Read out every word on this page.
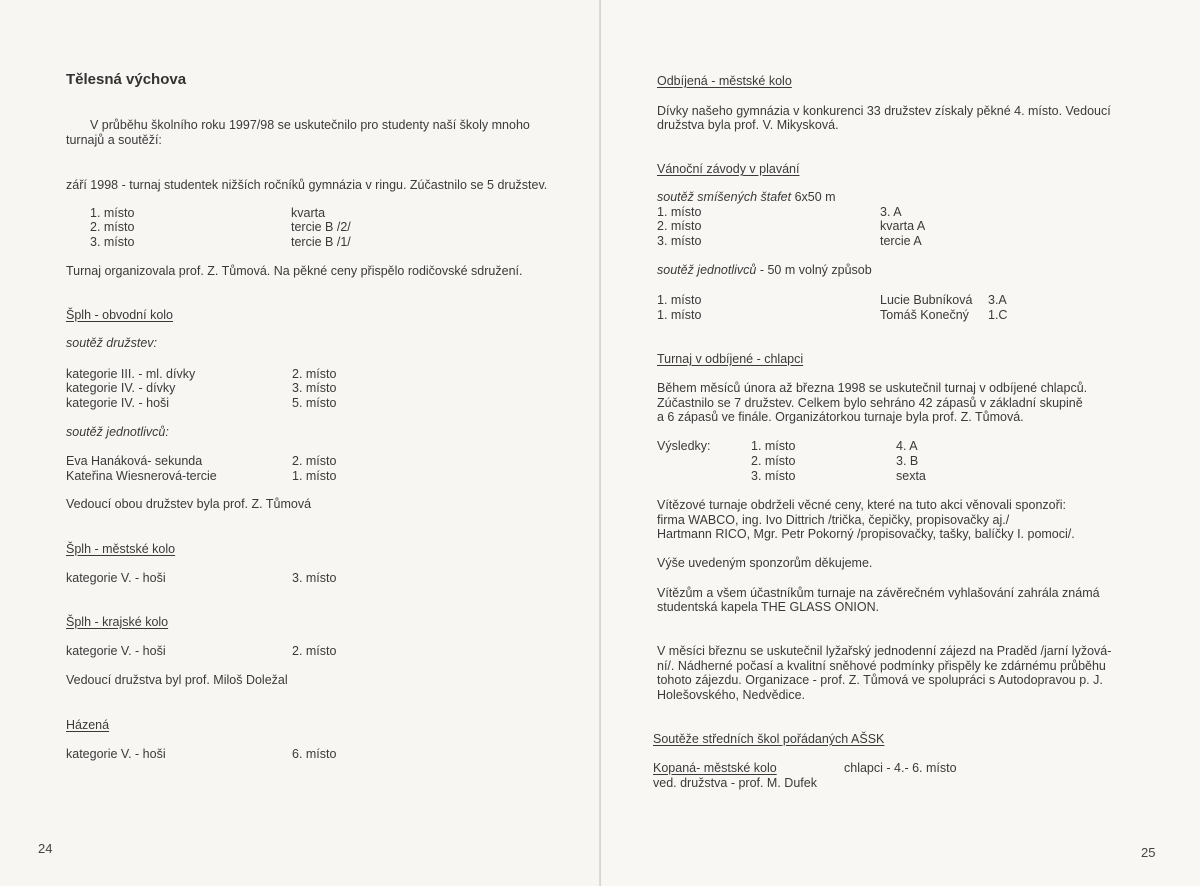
Tělesná výchova
V průběhu školního roku 1997/98 se uskutečnilo pro studenty naší školy mnoho
turnajů a soutěží:
září 1998 - turnaj studentek nižších ročníků gymnázia v ringu. Zúčastnilo se 5 družstev.
1. místo	kvarta
2. místo	tercie B /2/
3. místo	tercie B /1/
Turnaj organizovala prof. Z. Tůmová. Na pěkné ceny přispělo rodičovské sdružení.
Šplh - obvodní kolo
soutěž družstev:
kategorie III. - ml. dívky	2. místo
kategorie IV. - dívky	3. místo
kategorie IV. - hoši	5. místo
soutěž jednotlivců:
Eva Hanáková- sekunda	2. místo
Kateřina Wiesnerová-tercie	1. místo
Vedoucí obou družstev byla prof. Z. Tůmová
Šplh - městské kolo
kategorie V. - hoši	3. místo
Šplh - krajské kolo
kategorie V. - hoši	2. místo
Vedoucí družstva byl prof. Miloš Doležal
Házená
kategorie V. - hoši	6. místo
24
Odbíjená - městské kolo
Dívky našeho gymnázia v konkurenci 33 družstev získaly pěkné 4. místo. Vedoucí
družstva byla prof. V. Mikysková.
Vánoční závody v plavání
soutěž smíšených štafet 6x50 m
1. místo	3. A
2. místo	kvarta A
3. místo	tercie A
soutěž jednotlivců - 50 m volný způsob
1. místo	Lucie Bubníková 3.A
1. místo	Tomáš Konečný 1.C
Turnaj v odbíjené - chlapci
Během měsíců února až března 1998 se uskutečnil turnaj v odbíjené chlapců.
Zúčastnilo se 7 družstev. Celkem bylo sehráno 42 zápasů v základní skupině
a 6 zápasů ve finále. Organizátorkou turnaje byla prof. Z. Tůmová.
Výsledky:	1. místo	4. A
2. místo	3. B
3. místo	sexta
Vítězové turnaje obdrželi věcné ceny, které na tuto akci věnovali sponzoři:
firma WABCO, ing. Ivo Dittrich /trička, čepičky, propisovačky aj./
Hartmann RICO, Mgr. Petr Pokorný /propisovačky, tašky, balíčky I. pomoci/.
Výše uvedeným sponzorům děkujeme.
Vítězům a všem účastníkům turnaje na závěrečném vyhlašování zahrála známá
studentská kapela THE GLASS ONION.
V měsíci březnu se uskutečnil lyžařský jednodenní zájezd na Praděd /jarní lyžová-
ní/. Nádherné počasí a kvalitní sněhové podmínky přispěly ke zdárnému průběhu
tohoto zájezdu. Organizace - prof. Z. Tůmová ve spolupráci s Autodopravou p. J.
Holešovského, Nedvědice.
Soutěže středních škol pořádaných AŠSK
Kopaná- městské kolo	chlapci - 4.- 6. místo
ved. družstva - prof. M. Dufek
25
